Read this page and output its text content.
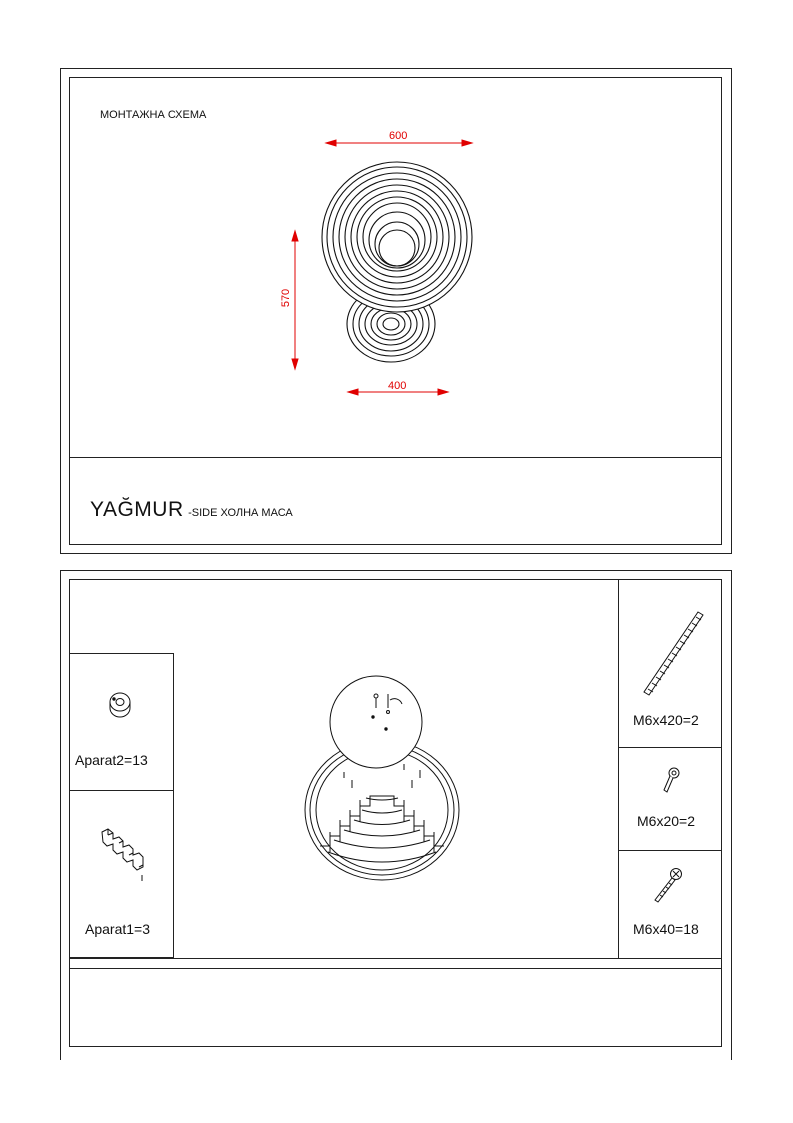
МОНТАЖНА СХЕМА
600
570
400
YAĞMUR -SIDE ХОЛНА МАСА
Aparat2=13
Aparat1=3
M6x420=2
M6x20=2
M6x40=18
